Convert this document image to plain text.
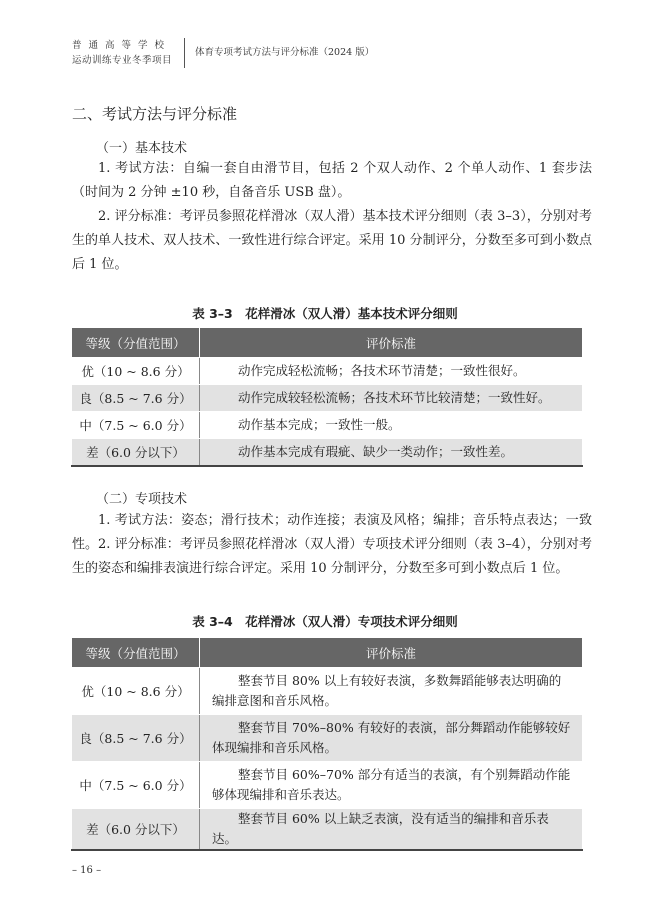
普通高等学校
运动训练专业冬季项目
体育专项考试方法与评分标准（2024 版）
二、考试方法与评分标准
（一）基本技术
1. 考试方法：自编一套自由滑节目，包括 2 个双人动作、2 个单人动作、1 套步法（时间为 2 分钟 ±10 秒，自备音乐 USB 盘）。
2. 评分标准：考评员参照花样滑冰（双人滑）基本技术评分细则（表 3–3），分别对考生的单人技术、双人技术、一致性进行综合评定。采用 10 分制评分，分数至多可到小数点后 1 位。
表 3–3　花样滑冰（双人滑）基本技术评分细则
等级（分值范围）	评价标准
优（10 ~ 8.6 分）	动作完成轻松流畅；各技术环节清楚；一致性很好。
良（8.5 ~ 7.6 分）	动作完成较轻松流畅；各技术环节比较清楚；一致性好。
中（7.5 ~ 6.0 分）	动作基本完成；一致性一般。
差（6.0 分以下）	动作基本完成有瑕疵、缺少一类动作；一致性差。
（二）专项技术
1. 考试方法：姿态；滑行技术；动作连接；表演及风格；编排；音乐特点表达；一致性。 2. 评分标准：考评员参照花样滑冰（双人滑）专项技术评分细则（表 3–4），分别对考生的姿态和编排表演进行综合评定。采用 10 分制评分，分数至多可到小数点后 1 位。
表 3–4　花样滑冰（双人滑）专项技术评分细则
等级（分值范围）	评价标准
优（10 ~ 8.6 分）	整套节目 80% 以上有较好表演，多数舞蹈能够表达明确的编排意图和音乐风格。
良（8.5 ~ 7.6 分）	整套节目 70%–80% 有较好的表演，部分舞蹈动作能够较好体现编排和音乐风格。
中（7.5 ~ 6.0 分）	整套节目 60%–70% 部分有适当的表演，有个别舞蹈动作能够体现编排和音乐表达。
差（6.0 分以下）	整套节目 60% 以上缺乏表演，没有适当的编排和音乐表达。
– 16 –
